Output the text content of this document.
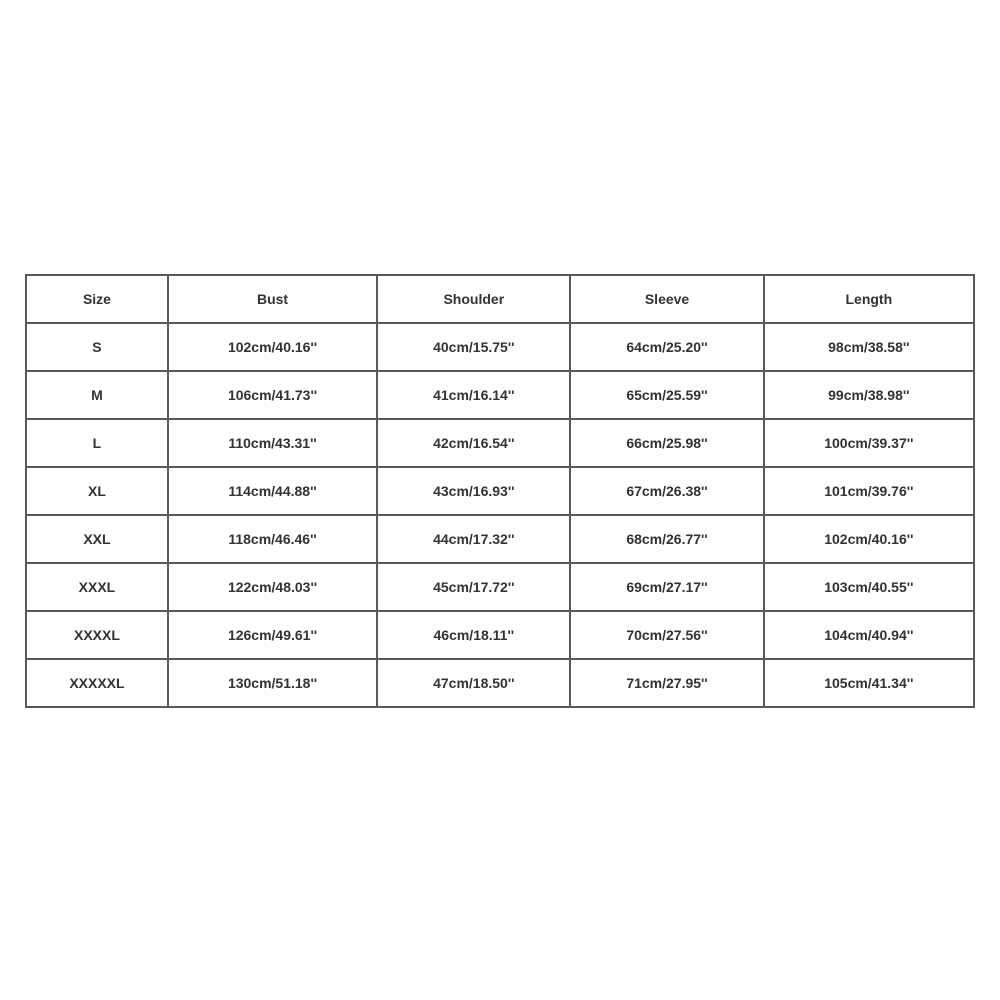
Size	Bust	Shoulder	Sleeve	Length
S	102cm/40.16''	40cm/15.75''	64cm/25.20''	98cm/38.58''
M	106cm/41.73''	41cm/16.14''	65cm/25.59''	99cm/38.98''
L	110cm/43.31''	42cm/16.54''	66cm/25.98''	100cm/39.37''
XL	114cm/44.88''	43cm/16.93''	67cm/26.38''	101cm/39.76''
XXL	118cm/46.46''	44cm/17.32''	68cm/26.77''	102cm/40.16''
XXXL	122cm/48.03''	45cm/17.72''	69cm/27.17''	103cm/40.55''
XXXXL	126cm/49.61''	46cm/18.11''	70cm/27.56''	104cm/40.94''
XXXXXL	130cm/51.18''	47cm/18.50''	71cm/27.95''	105cm/41.34''
